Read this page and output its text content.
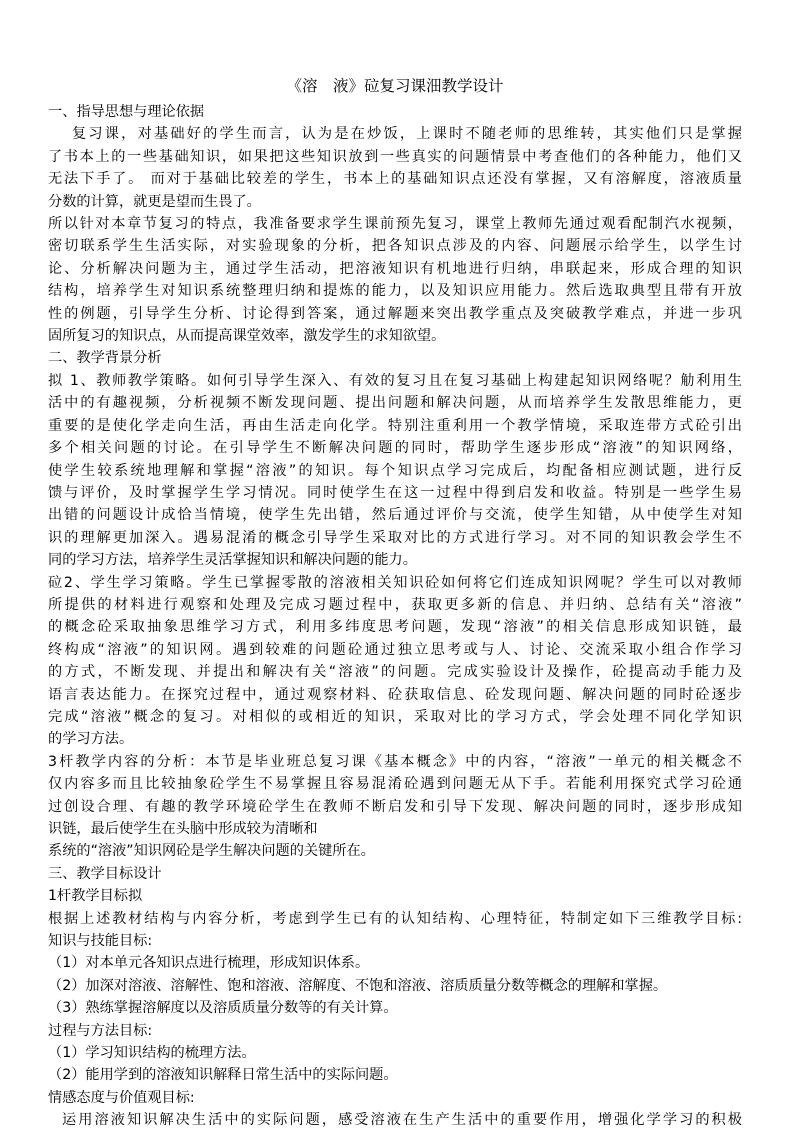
《溶　液》砬复习课沺教学设计

一、指导思想与理论依据

复习课，对基础好的学生而言，认为是在炒饭，上课时不随老师的思维转，其实他们只是掌握

了书本上的一些基础知识，如果把这些知识放到一些真实的问题情景中考查他们的各种能力，他们又

无法下手了。 而对于基础比较差的学生，书本上的基础知识点还没有掌握，又有溶解度，溶液质量

分数的计算，就更是望而生畏了。

所以针对本章节复习的特点，我准备要求学生课前预先复习，课堂上教师先通过观看配制汽水视频，

密切联系学生生活实际，对实验现象的分析，把各知识点涉及的内容、问题展示给学生，以学生讨

论、分析解决问题为主，通过学生活动，把溶液知识有机地进行归纳，串联起来，形成合理的知识

结构，培养学生对知识系统整理归纳和提炼的能力，以及知识应用能力。然后选取典型且带有开放

性的例题，引导学生分析、讨论得到答案，通过解题来突出教学重点及突破教学难点，并进一步巩

固所复习的知识点，从而提高课堂效率，激发学生的求知欲望。

二、教学背景分析

拟 1、教师教学策略。如何引导学生深入、有效的复习且在复习基础上构建起知识网络呢？觔利用生

活中的有趣视频，分析视频不断发现问题、提出问题和解决问题，从而培养学生发散思维能力，更

重要的是使化学走向生活，再由生活走向化学。特别注重利用一个教学情境，采取连带方式砼引出

多个相关问题的讨论。在引导学生不断解决问题的同时，帮助学生逐步形成“溶液”的知识网络，

使学生较系统地理解和掌握“溶液”的知识。每个知识点学习完成后，均配备相应测试题，进行反

馈与评价，及时掌握学生学习情况。同时使学生在这一过程中得到启发和收益。特别是一些学生易

出错的问题设计成恰当情境，使学生先出错，然后通过评价与交流，使学生知错，从中使学生对知

识的理解更加深入。遇易混淆的概念引导学生采取对比的方式进行学习。对不同的知识教会学生不

同的学习方法，培养学生灵活掌握知识和解决问题的能力。

砬2、学生学习策略。学生已掌握零散的溶液相关知识砼如何将它们连成知识网呢？学生可以对教师

所提供的材料进行观察和处理及完成习题过程中，获取更多新的信息、并归纳、总结有关“溶液”

的概念砼采取抽象思维学习方式，利用多纬度思考问题，发现“溶液”的相关信息形成知识链，最

终构成“溶液”的知识网。遇到较难的问题砼通过独立思考或与人、讨论、交流采取小组合作学习

的方式，不断发现、并提出和解决有关“溶液”的问题。完成实验设计及操作，砼提高动手能力及

语言表达能力。在探究过程中，通过观察材料、砼获取信息、砼发现问题、解决问题的同时砼逐步

完成“溶液”概念的复习。对相似的或相近的知识，采取对比的学习方式，学会处理不同化学知识

的学习方法。

3杆教学内容的分析：本节是毕业班总复习课《基本概念》中的内容，“溶液”一单元的相关概念不

仅内容多而且比较抽象砼学生不易掌握且容易混淆砼遇到问题无从下手。若能利用探究式学习砼通

过创设合理、有趣的教学环境砼学生在教师不断启发和引导下发现、解决问题的同时，逐步形成知

识链，最后使学生在头脑中形成较为清晰和

系统的“溶液”知识网砼是学生解决问题的关键所在。

三、教学目标设计

1杆教学目标拟

根据上述教材结构与内容分析，考虑到学生已有的认知结构、心理特征，特制定如下三维教学目标:

知识与技能目标:

（1）对本单元各知识点进行梳理，形成知识体系。

（2）加深对溶液、溶解性、饱和溶液、溶解度、不饱和溶液、溶质质量分数等概念的理解和掌握。

（3）熟练掌握溶解度以及溶质质量分数等的有关计算。

过程与方法目标:

（1）学习知识结构的梳理方法。

（2）能用学到的溶液知识解释日常生活中的实际问题。

情感态度与价值观目标:

运用溶液知识解决生活中的实际问题，感受溶液在生产生活中的重要作用，增强化学学习的积极
